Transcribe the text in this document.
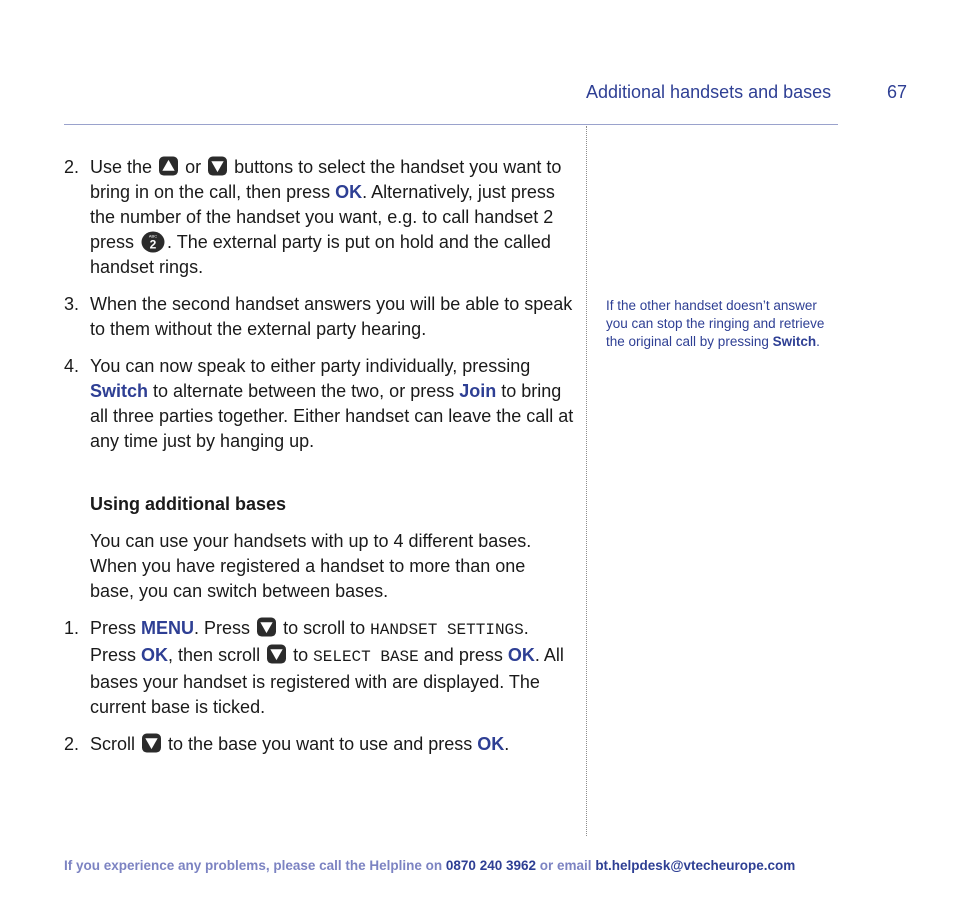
Additional handsets and bases	67
2. Use the or buttons to select the handset you want to bring in on the call, then press OK. Alternatively, just press the number of the handset you want, e.g. to call handset 2 press	ABC
2 . The external party is put on hold and the called handset rings.
3. When the second handset answers you will be able to speak to them without the external party hearing.
4. You can now speak to either party individually, pressing Switch to alternate between the two, or press Join to bring all three parties together. Either handset can leave the call at any time just by hanging up.
Using additional bases
You can use your handsets with up to 4 different bases. When you have registered a handset to more than one base, you can switch between bases.
1. Press MENU. Press to scroll to HANDSET SETTINGS. Press OK, then scroll to SELECT BASE and press OK. All bases your handset is registered with are displayed. The current base is ticked.
2. Scroll to the base you want to use and press OK.
If the other handset doesn’t answer you can stop the ringing and retrieve the original call by pressing Switch.
If you experience any problems, please call the Helpline on 0870 240 3962 or email bt.helpdesk@vtecheurope.com
